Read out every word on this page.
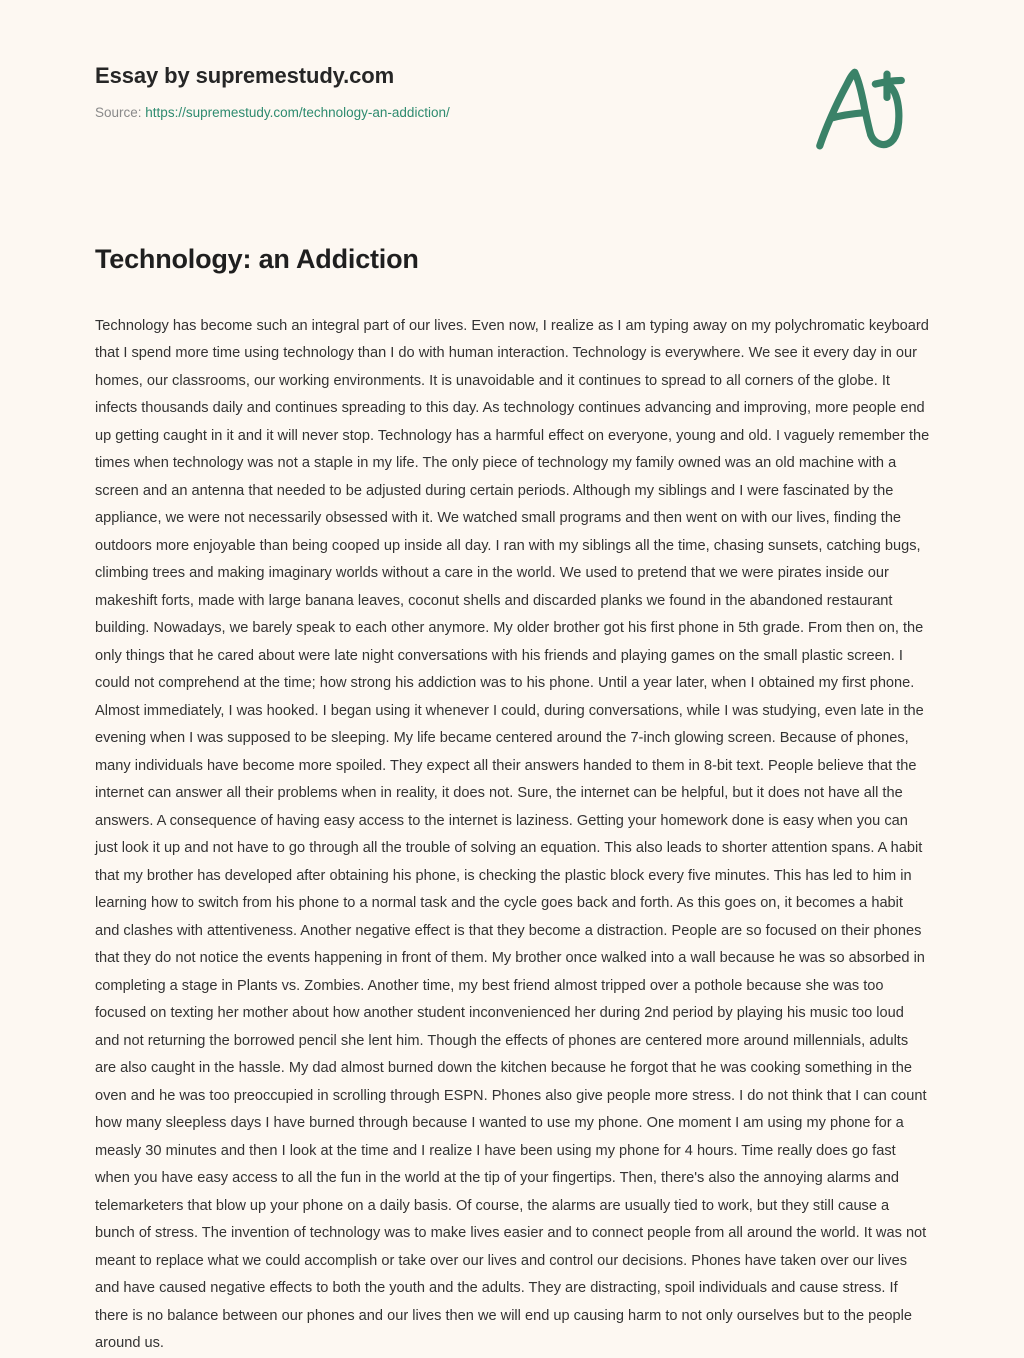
Essay by supremestudy.com
Source: https://supremestudy.com/technology-an-addiction/
Technology: an Addiction

Technology has become such an integral part of our lives. Even now, I realize as I am typing away on my polychromatic keyboard that I spend more time using technology than I do with human interaction. Technology is everywhere. We see it every day in our homes, our classrooms, our working environments. It is unavoidable and it continues to spread to all corners of the globe. It infects thousands daily and continues spreading to this day. As technology continues advancing and improving, more people end up getting caught in it and it will never stop. Technology has a harmful effect on everyone, young and old. I vaguely remember the times when technology was not a staple in my life. The only piece of technology my family owned was an old machine with a screen and an antenna that needed to be adjusted during certain periods. Although my siblings and I were fascinated by the appliance, we were not necessarily obsessed with it. We watched small programs and then went on with our lives, finding the outdoors more enjoyable than being cooped up inside all day. I ran with my siblings all the time, chasing sunsets, catching bugs, climbing trees and making imaginary worlds without a care in the world. We used to pretend that we were pirates inside our makeshift forts, made with large banana leaves, coconut shells and discarded planks we found in the abandoned restaurant building. Nowadays, we barely speak to each other anymore. My older brother got his first phone in 5th grade. From then on, the only things that he cared about were late night conversations with his friends and playing games on the small plastic screen. I could not comprehend at the time; how strong his addiction was to his phone. Until a year later, when I obtained my first phone. Almost immediately, I was hooked. I began using it whenever I could, during conversations, while I was studying, even late in the evening when I was supposed to be sleeping. My life became centered around the 7-inch glowing screen. Because of phones, many individuals have become more spoiled. They expect all their answers handed to them in 8-bit text. People believe that the internet can answer all their problems when in reality, it does not. Sure, the internet can be helpful, but it does not have all the answers. A consequence of having easy access to the internet is laziness. Getting your homework done is easy when you can just look it up and not have to go through all the trouble of solving an equation. This also leads to shorter attention spans. A habit that my brother has developed after obtaining his phone, is checking the plastic block every five minutes. This has led to him in learning how to switch from his phone to a normal task and the cycle goes back and forth. As this goes on, it becomes a habit and clashes with attentiveness. Another negative effect is that they become a distraction. People are so focused on their phones that they do not notice the events happening in front of them. My brother once walked into a wall because he was so absorbed in completing a stage in Plants vs. Zombies. Another time, my best friend almost tripped over a pothole because she was too focused on texting her mother about how another student inconvenienced her during 2nd period by playing his music too loud and not returning the borrowed pencil she lent him. Though the effects of phones are centered more around millennials, adults are also caught in the hassle. My dad almost burned down the kitchen because he forgot that he was cooking something in the oven and he was too preoccupied in scrolling through ESPN. Phones also give people more stress. I do not think that I can count how many sleepless days I have burned through because I wanted to use my phone. One moment I am using my phone for a measly 30 minutes and then I look at the time and I realize I have been using my phone for 4 hours. Time really does go fast when you have easy access to all the fun in the world at the tip of your fingertips. Then, there's also the annoying alarms and telemarketers that blow up your phone on a daily basis. Of course, the alarms are usually tied to work, but they still cause a bunch of stress. The invention of technology was to make lives easier and to connect people from all around the world. It was not meant to replace what we could accomplish or take over our lives and control our decisions. Phones have taken over our lives and have caused negative effects to both the youth and the adults. They are distracting, spoil individuals and cause stress. If there is no balance between our phones and our lives then we will end up causing harm to not only ourselves but to the people around us.
